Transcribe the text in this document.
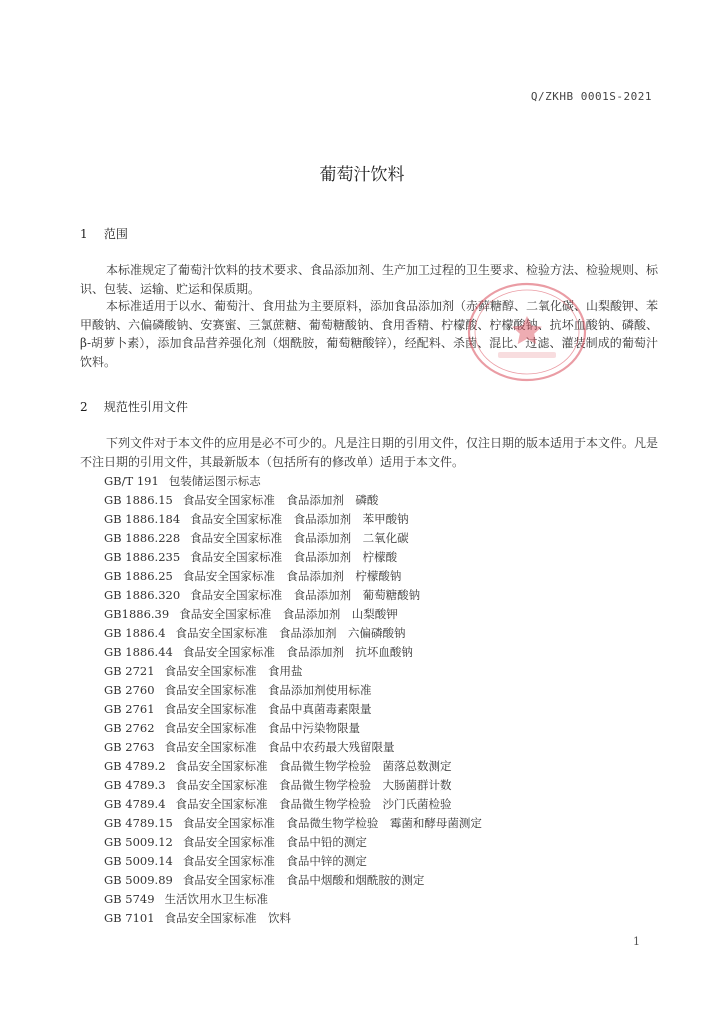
Q/ZKHB 0001S-2021
葡萄汁饮料
1 范围

本标准规定了葡萄汁饮料的技术要求、食品添加剂、生产加工过程的卫生要求、检验方法、检验规则、标识、包装、运输、贮运和保质期。

本标准适用于以水、葡萄汁、食用盐为主要原料，添加食品添加剂（赤藓糖醇、二氧化碳、山梨酸钾、苯甲酸钠、六偏磷酸钠、安赛蜜、三氯蔗糖、葡萄糖酸钠、食用香精、柠檬酸、柠檬酸钠、抗坏血酸钠、磷酸、β-胡萝卜素），添加食品营养强化剂（烟酰胺，葡萄糖酸锌），经配料、杀菌、混比、过滤、灌装制成的葡萄汁饮料。

2 规范性引用文件

下列文件对于本文件的应用是必不可少的。凡是注日期的引用文件，仅注日期的版本适用于本文件。凡是不注日期的引用文件，其最新版本（包括所有的修改单）适用于本文件。

GB/T 191 包装储运图示标志
GB 1886.15 食品安全国家标准　食品添加剂　磷酸
GB 1886.184 食品安全国家标准　食品添加剂　苯甲酸钠
GB 1886.228 食品安全国家标准　食品添加剂　二氧化碳
GB 1886.235 食品安全国家标准　食品添加剂　柠檬酸
GB 1886.25 食品安全国家标准　食品添加剂　柠檬酸钠
GB 1886.320 食品安全国家标准　食品添加剂　葡萄糖酸钠
GB1886.39 食品安全国家标准　食品添加剂　山梨酸钾
GB 1886.4 食品安全国家标准　食品添加剂　六偏磷酸钠
GB 1886.44 食品安全国家标准　食品添加剂　抗坏血酸钠
GB 2721 食品安全国家标准　食用盐
GB 2760 食品安全国家标准　食品添加剂使用标准
GB 2761 食品安全国家标准　食品中真菌毒素限量
GB 2762 食品安全国家标准　食品中污染物限量
GB 2763 食品安全国家标准　食品中农药最大残留限量
GB 4789.2 食品安全国家标准　食品微生物学检验　菌落总数测定
GB 4789.3 食品安全国家标准　食品微生物学检验　大肠菌群计数
GB 4789.4 食品安全国家标准　食品微生物学检验　沙门氏菌检验
GB 4789.15 食品安全国家标准　食品微生物学检验　霉菌和酵母菌测定
GB 5009.12 食品安全国家标准　食品中铅的测定
GB 5009.14 食品安全国家标准　食品中锌的测定
GB 5009.89 食品安全国家标准　食品中烟酸和烟酰胺的测定
GB 5749 生活饮用水卫生标准
GB 7101 食品安全国家标准　饮料
1
